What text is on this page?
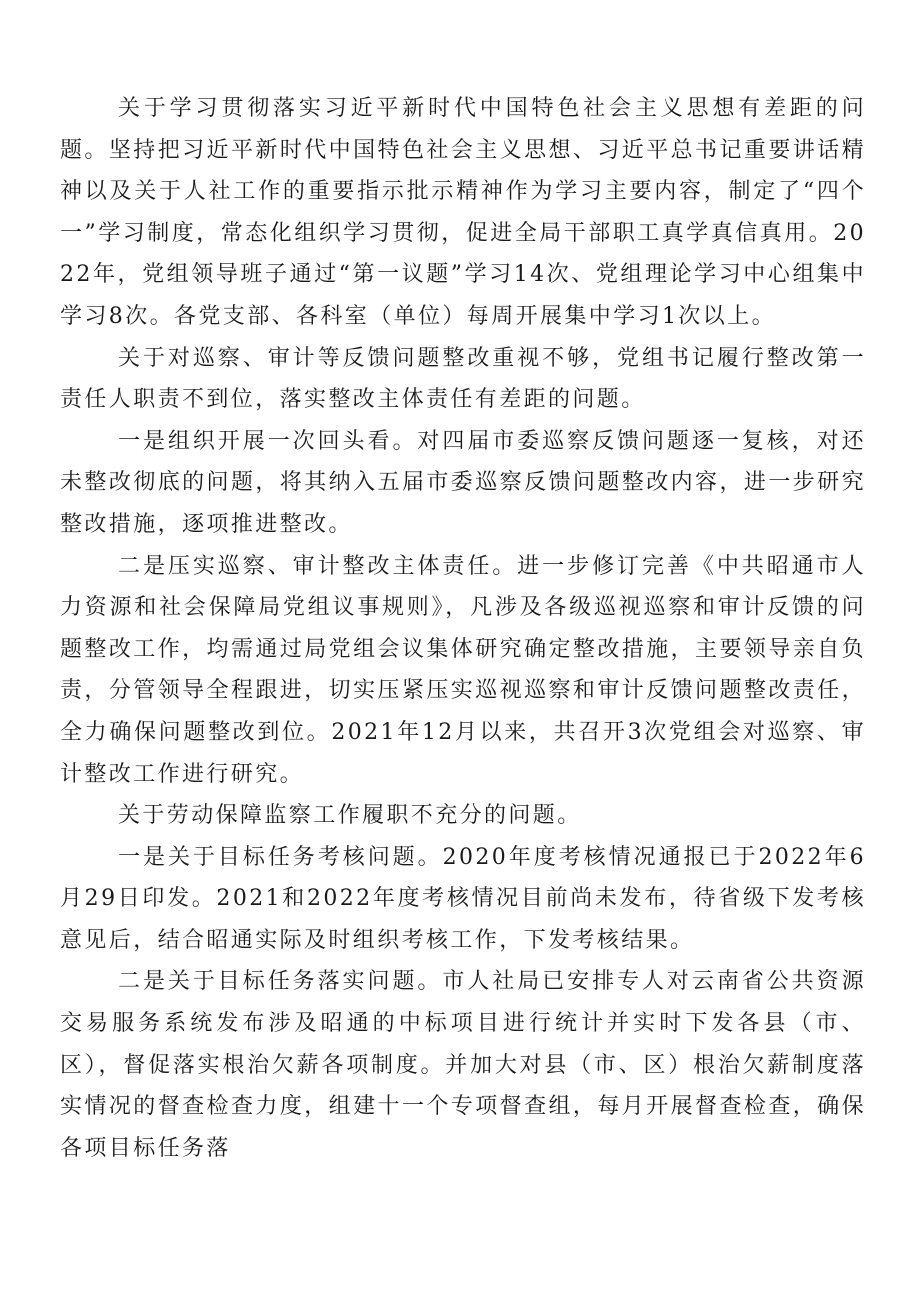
关于学习贯彻落实习近平新时代中国特色社会主义思想有差距的问题。坚持把习近平新时代中国特色社会主义思想、习近平总书记重要讲话精神以及关于人社工作的重要指示批示精神作为学习主要内容，制定了“四个一”学习制度，常态化组织学习贯彻，促进全局干部职工真学真信真用。2022年，党组领导班子通过“第一议题”学习14次、党组理论学习中心组集中学习8次。各党支部、各科室（单位）每周开展集中学习1次以上。

关于对巡察、审计等反馈问题整改重视不够，党组书记履行整改第一责任人职责不到位，落实整改主体责任有差距的问题。

一是组织开展一次回头看。对四届市委巡察反馈问题逐一复核，对还未整改彻底的问题，将其纳入五届市委巡察反馈问题整改内容，进一步研究整改措施，逐项推进整改。

二是压实巡察、审计整改主体责任。进一步修订完善《中共昭通市人力资源和社会保障局党组议事规则》，凡涉及各级巡视巡察和审计反馈的问题整改工作，均需通过局党组会议集体研究确定整改措施，主要领导亲自负责，分管领导全程跟进，切实压紧压实巡视巡察和审计反馈问题整改责任，全力确保问题整改到位。2021年12月以来，共召开3次党组会对巡察、审计整改工作进行研究。

关于劳动保障监察工作履职不充分的问题。

一是关于目标任务考核问题。2020年度考核情况通报已于2022年6月29日印发。2021和2022年度考核情况目前尚未发布，待省级下发考核意见后，结合昭通实际及时组织考核工作，下发考核结果。

二是关于目标任务落实问题。市人社局已安排专人对云南省公共资源交易服务系统发布涉及昭通的中标项目进行统计并实时下发各县（市、区），督促落实根治欠薪各项制度。并加大对县（市、区）根治欠薪制度落实情况的督查检查力度，组建十一个专项督查组，每月开展督查检查，确保各项目标任务落
